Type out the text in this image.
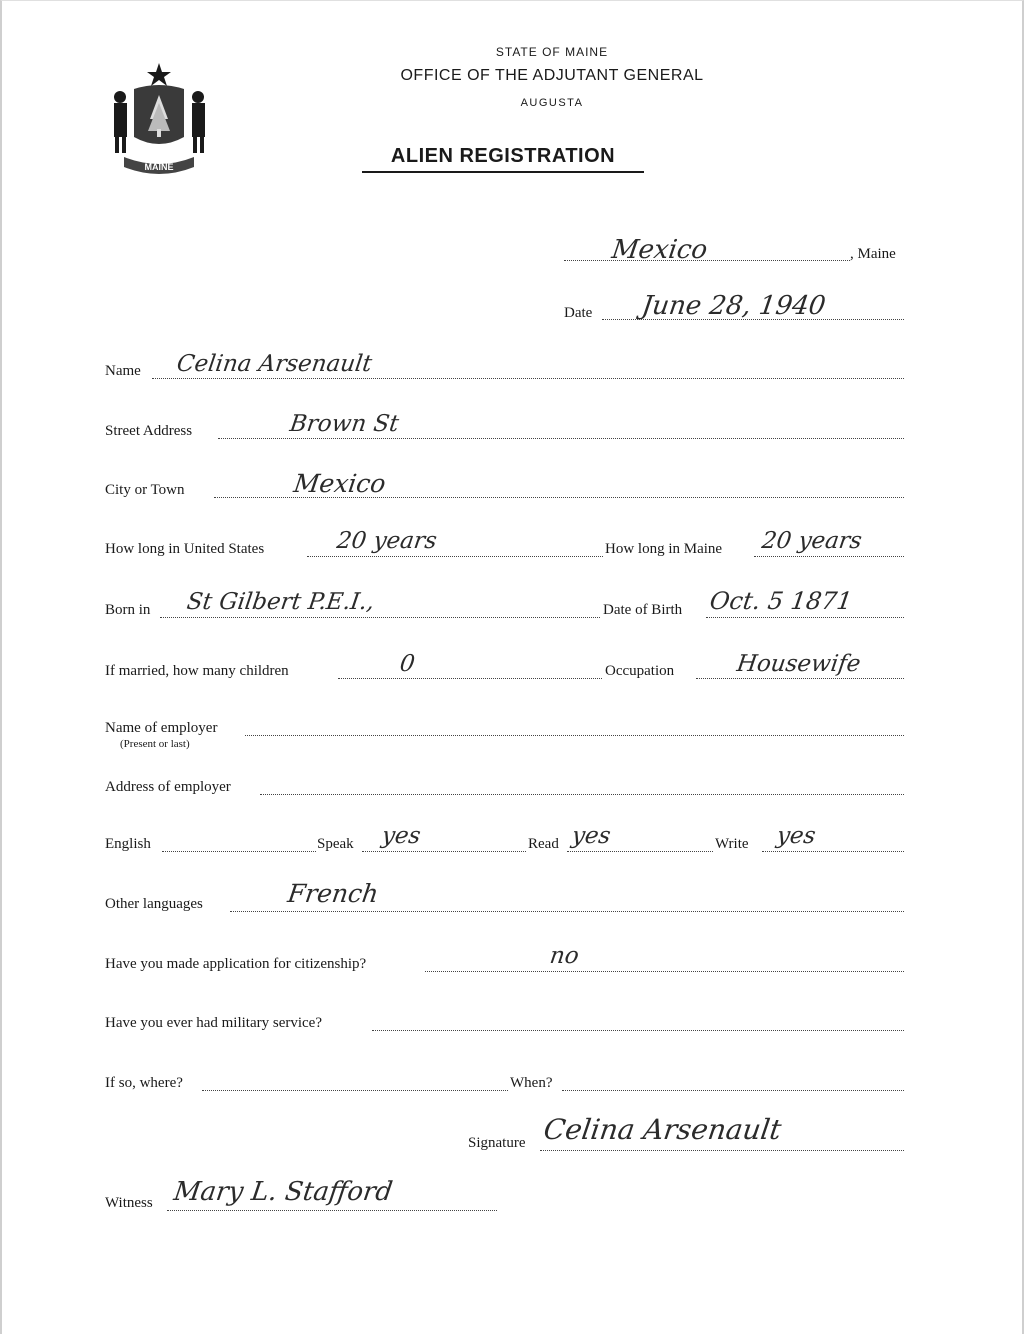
MAINE
STATE OF MAINE
OFFICE OF THE ADJUTANT GENERAL
AUGUSTA
ALIEN REGISTRATION
Mexico	, Maine
Date June 28, 1940
Name Celina Arsenault
Street Address	Brown St
City or Town	Mexico
How long in United States	20 years	How long in Maine 20 years
Born in St Gilbert P.E.I.,	Date of Birth Oct. 5 1871
If married, how many children	0	Occupation	Housewife
Name of employer
(Present or last)
Address of employer
English	Speak yes	Read yes	Write yes
Other languages	French
Have you made application for citizenship?	no
Have you ever had military service?
If so, where?	When?
Signature Celina Arsenault
Witness Mary L. Stafford
